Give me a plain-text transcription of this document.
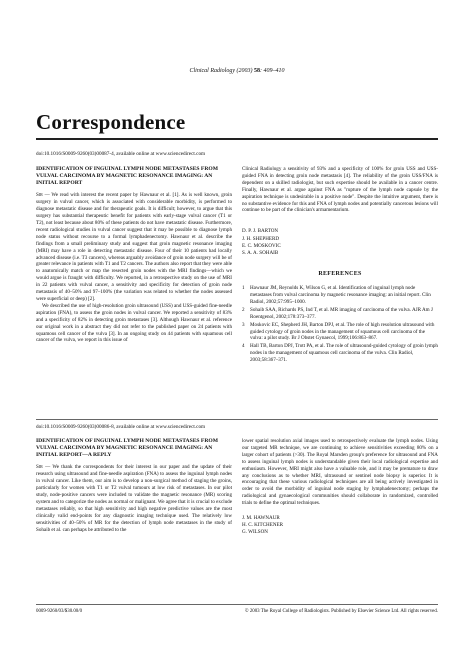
Clinical Radiology (2003) 58: 409–410
Correspondence
doi:10.1016/S0009-9260(03)00087-4, available online at www.sciencedirect.com
IDENTIFICATION OF INGUINAL LYMPH NODE METASTASES FROM VULVAL CARCINOMA BY MAGNETIC RESONANCE IMAGING: AN INITIAL REPORT

Sir — We read with interest the recent paper by Hawnaur et al. [1]. As is well known, groin surgery in vulval cancer, which is associated with considerable morbidity, is performed to diagnose metastatic disease and for therapeutic goals. It is difficult; however, to argue that this surgery has substantial therapeutic benefit for patients with early-stage vulval cancer (T1 or T2), not least because about 80% of these patients do not have metastatic disease. Furthermore, recent radiological studies in vulval cancer suggest that it may be possible to diagnose lymph node status without recourse to a formal lymphadenectomy. Hawnaur et al. describe the findings from a small preliminary study and suggest that groin magnetic resonance imaging (MRI) may have a role in detecting metastatic disease. Four of their 10 patients had locally advanced disease (i.e. T3 cancers), whereas arguably avoidance of groin node surgery will be of greater relevance in patients with T1 and T2 cancers. The authors also report that they were able to anatomically match or map the resected groin nodes with the MRI findings—which we would argue is fraught with difficulty. We reported, in a retrospective study on the use of MRI in 22 patients with vulval cancer, a sensitivity and specificity for detection of groin node metastasis of 40–50% and 97–100% (the variation was related to whether the nodes assessed were superficial or deep) [2].

We described the use of high-resolution groin ultrasound (USS) and USS-guided fine-needle aspiration (FNA), to assess the groin nodes in vulval cancer. We reported a sensitivity of 83% and a specificity of 82% in detecting groin metastases [3]. Although Hawnaur et al. reference our original work in a abstract they did not refer to the published paper on 24 patients with squamous cell cancer of the vulva [3]. In an ongoing study on 44 patients with squamous cell cancer of the vulva, we report in this issue of

Clinical Radiology a sensitivity of 93% and a specificity of 100% for groin USS and USS-guided FNA in detecting groin node metastasis [4]. The reliability of the groin USS/FNA is dependent on a skilled radiologist, but such expertise should be available in a cancer centre. Finally, Hawnaur et al. argue against FNA as "rupture of the lymph node capsule by the aspiration technique is undesirable in a positive node". Despite the intuitive argument, there is no substantive evidence for this and FNA of lymph nodes and potentially cancerous lesions will continue to be part of the clinician's armamentarium.

D. P. J. BARTON
J. H. SHEPHERD
E. C. MOSKOVIC
S. A. A. SOHAIB
REFERENCES
1	Hawnaur JM, Reynolds K, Wilson G, et al. Identification of inguinal lymph node metastases from vulval carcinoma by magnetic resonance imaging: an initial report. Clin Radiol, 2002;57:995–1000.
2	Sohaib SAA, Richards PS, Ind T, et al. MR imaging of carcinoma of the vulva. AJR Am J Roentgenol, 2002;178:373–377.
3	Moskovic EC, Shepherd JH, Barton DPJ, et al. The role of high resolution ultrasound with guided cytology of groin nodes in the management of squamous cell carcinoma of the vulva: a pilot study. Br J Obstet Gynaecol, 1999;106:863–867.
4	Hall TB, Barton DPJ, Trott PA, et al. The role of ultrasound-guided cytology of groin lymph nodes in the management of squamous cell carcinoma of the vulva. Clin Radiol, 2003;58:367–371.
doi:10.1016/S0009-9260(03)00086-8, available online at www.sciencedirect.com
IDENTIFICATION OF INGUINAL LYMPH NODE METASTASES FROM VULVAL CARCINOMA BY MAGNETIC RESONANCE IMAGING: AN INITIAL REPORT—A REPLY

Sir — We thank the correspondents for their interest in our paper and the update of their research using ultrasound and fine-needle aspiration (FNA) to assess the inguinal lymph nodes in vulval cancer. Like them, our aim is to develop a non-surgical method of staging the groins, particularly for women with T1 or T2 vulval tumours at low risk of metastases. In our pilot study, node-positive cancers were included to validate the magnetic resonance (MR) scoring system and to categorize the nodes as normal or malignant. We agree that it is crucial to exclude metastases reliably, so that high sensitivity and high negative predictive values are the most clinically valid end-points for any diagnostic imaging technique used. The relatively low sensitivities of 40–50% of MR for the detection of lymph node metastases in the study of Sohaib et al. can perhaps be attributed to the

lower spatial resolution axial images used to retrospectively evaluate the lymph nodes. Using our targeted MR technique, we are continuing to achieve sensitivities exceeding 80% on a larger cohort of patients (>30). The Royal Marsden group's preference for ultrasound and FNA to assess inguinal lymph nodes is understandable given their local radiological expertise and enthusiasm. However, MRI might also have a valuable role, and it may be premature to draw any conclusions as to whether MRI, ultrasound or sentinel node biopsy is superior. It is encouraging that these various radiological techniques are all being actively investigated in order to avoid the morbidity of inguinal node staging by lymphadenectomy; perhaps the radiological and gynaecological communities should collaborate in randomized, controlled trials to define the optimal techniques.

J. M. HAWNAUR
H. C. KITCHENER
G. WILSON
0009-9260/03/$30.00/0	© 2003 The Royal College of Radiologists. Published by Elsevier Science Ltd. All rights reserved.
